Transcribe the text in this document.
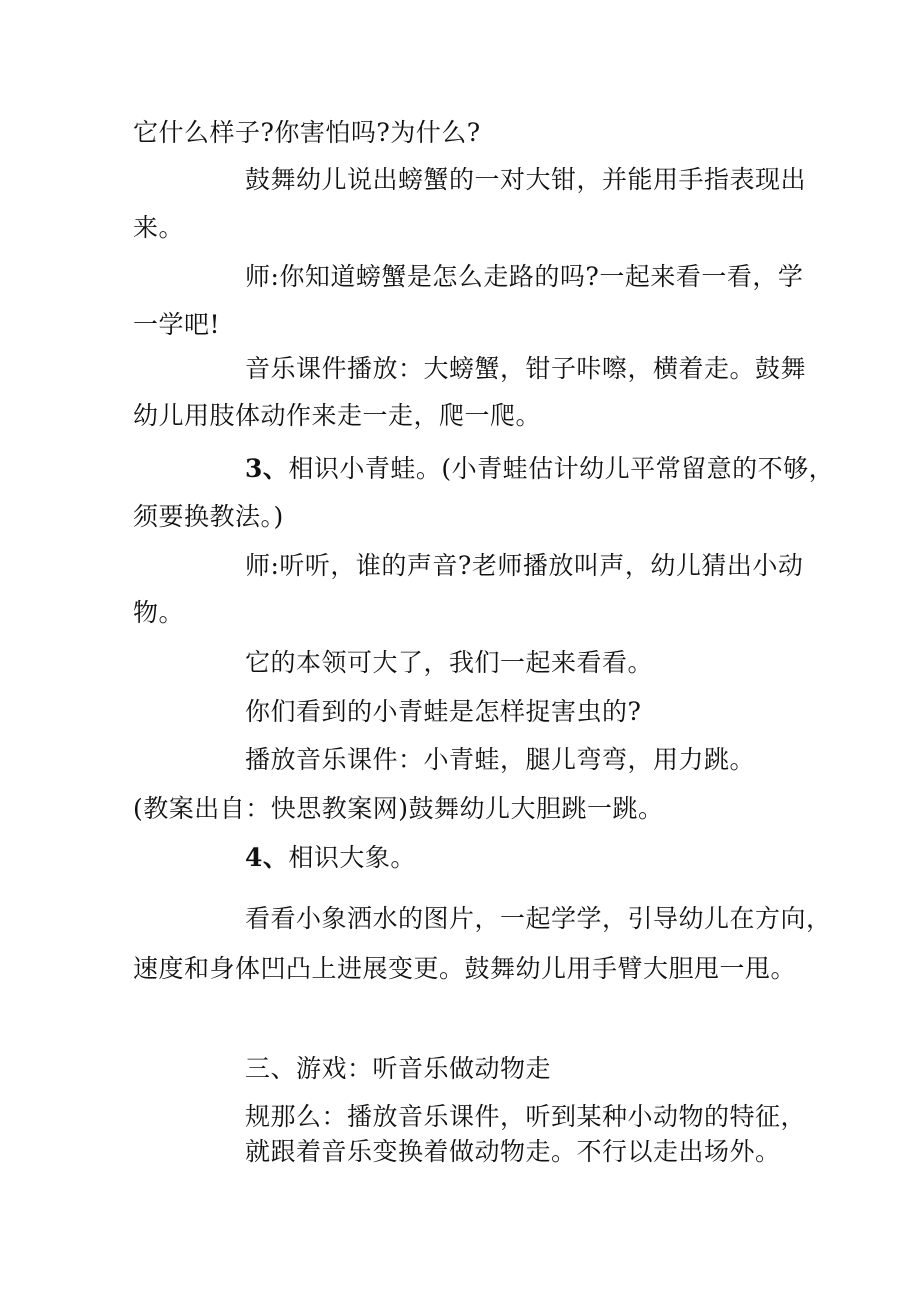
它什么样子?你害怕吗?为什么?
鼓舞幼儿说出螃蟹的一对大钳，并能用手指表现出
来。
师:你知道螃蟹是怎么走路的吗?一起来看一看，学
一学吧!
音乐课件播放：大螃蟹，钳子咔嚓，横着走。鼓舞
幼儿用肢体动作来走一走，爬一爬。
3、相识小青蛙。(小青蛙估计幼儿平常留意的不够，
须要换教法。)
师:听听，谁的声音?老师播放叫声，幼儿猜出小动
物。
它的本领可大了，我们一起来看看。
你们看到的小青蛙是怎样捉害虫的?
播放音乐课件：小青蛙，腿儿弯弯，用力跳。
(教案出自：快思教案网)鼓舞幼儿大胆跳一跳。
4、相识大象。
看看小象洒水的图片，一起学学，引导幼儿在方向，
速度和身体凹凸上进展变更。鼓舞幼儿用手臂大胆甩一甩。
三、游戏：听音乐做动物走
规那么：播放音乐课件，听到某种小动物的特征，
就跟着音乐变换着做动物走。不行以走出场外。
